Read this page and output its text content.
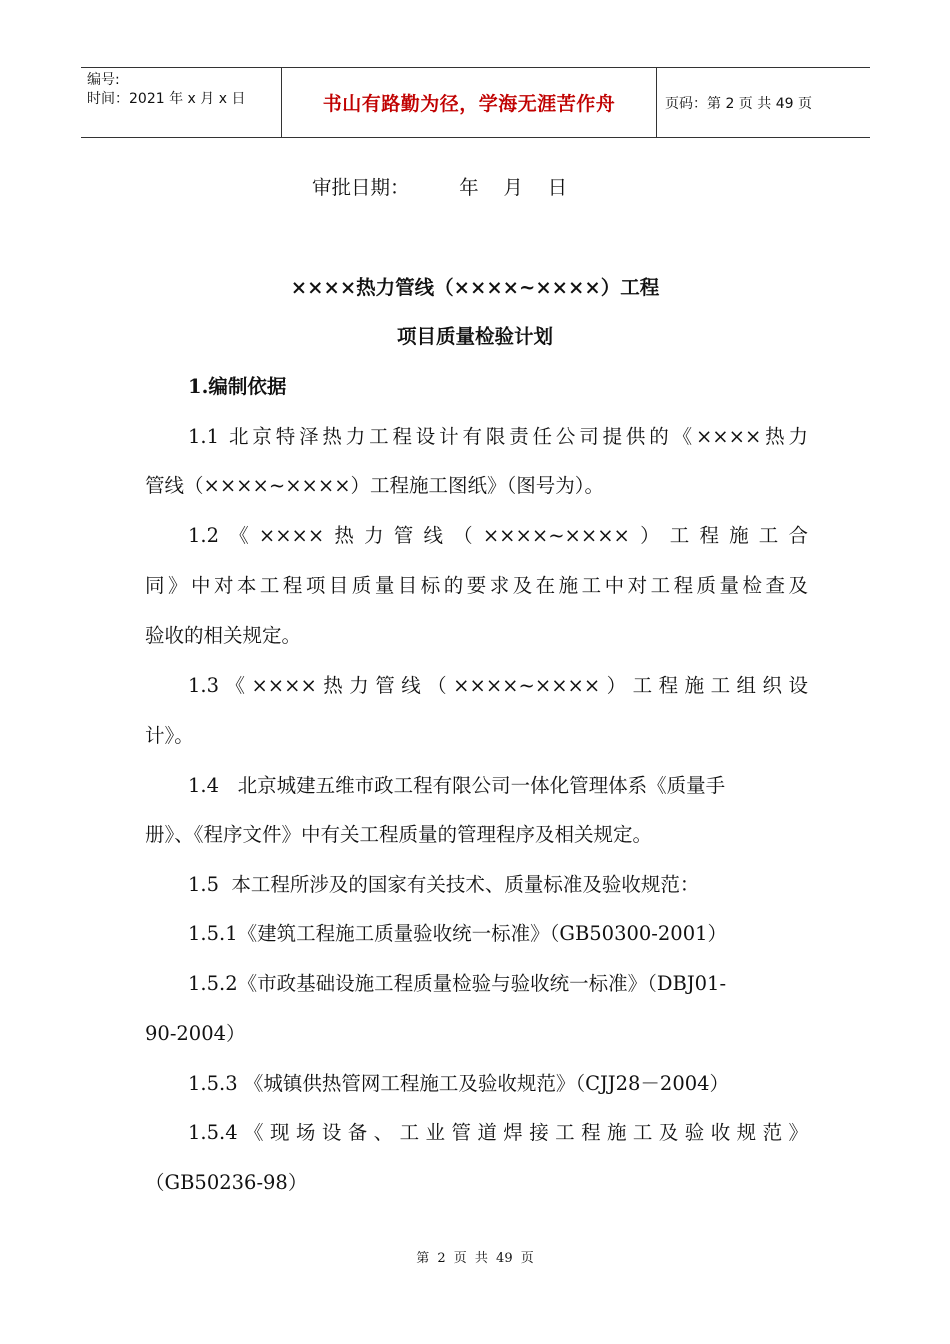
编号:
时间：2021 年 x 月 x 日	书山有路勤为径，学海无涯苦作舟	页码：第 2 页 共 49 页
审批日期：        年    月    日
××××热力管线（××××~××××）工程
项目质量检验计划
1.编制依据
1.1 北京特泽热力工程设计有限责任公司提供的《××××热力
管线（××××~××××）工程施工图纸》（图号为）。
1.2《××××热力管线（××××~××××）工程施工合
同》中对本工程项目质量目标的要求及在施工中对工程质量检查及
验收的相关规定。
1.3《××××热力管线（××××~××××）工程施工组织设
计》。
1.4   北京城建五维市政工程有限公司一体化管理体系《质量手
册》、《程序文件》中有关工程质量的管理程序及相关规定。
1.5  本工程所涉及的国家有关技术、质量标准及验收规范：
1.5.1《建筑工程施工质量验收统一标准》（GB50300-2001）
1.5.2《市政基础设施工程质量检验与验收统一标准》（DBJ01-
90-2004）
1.5.3 《城镇供热管网工程施工及验收规范》（CJJ28－2004）
1.5.4《现场设备、工业管道焊接工程施工及验收规范》
（GB50236-98）
第 2 页 共 49 页
